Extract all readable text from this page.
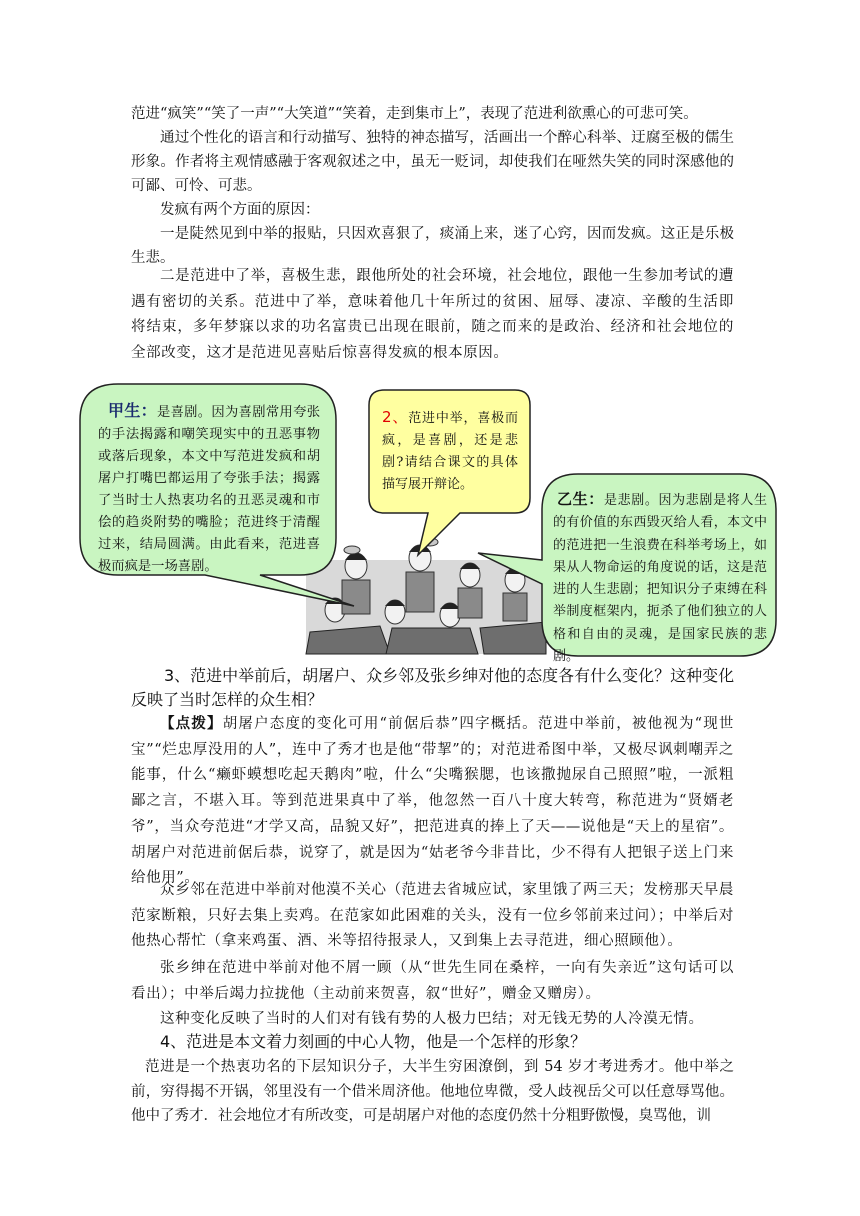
范进“疯笑”“笑了一声”“大笑道”“笑着，走到集市上”，表现了范进利欲熏心的可悲可笑。

通过个性化的语言和行动描写、独特的神态描写，活画出一个醉心科举、迂腐至极的儒生形象。作者将主观情感融于客观叙述之中，虽无一贬词，却使我们在哑然失笑的同时深感他的可鄙、可怜、可悲。

发疯有两个方面的原因：

一是陡然见到中举的报贴，只因欢喜狠了，痰涌上来，迷了心窍，因而发疯。这正是乐极生悲。

二是范进中了举，喜极生悲，跟他所处的社会环境，社会地位，跟他一生参加考试的遭遇有密切的关系。范进中了举，意味着他几十年所过的贫困、屈辱、凄凉、辛酸的生活即将结束，多年梦寐以求的功名富贵已出现在眼前，随之而来的是政治、经济和社会地位的全部改变，这才是范进见喜贴后惊喜得发疯的根本原因。

甲生：是喜剧。因为喜剧常用夸张的手法揭露和嘲笑现实中的丑恶事物或落后现象，本文中写范进发疯和胡屠户打嘴巴都运用了夸张手法；揭露了当时士人热衷功名的丑恶灵魂和市侩的趋炎附势的嘴脸；范进终于清醒过来，结局圆满。由此看来，范进喜极而疯是一场喜剧。

2、范进中举，喜极而疯，是喜剧，还是悲剧?请结合课文的具体描写展开辩论。

乙生：是悲剧。因为悲剧是将人生的有价值的东西毁灭给人看，本文中的范进把一生浪费在科举考场上，如果从人物命运的角度说的话，这是范进的人生悲剧；把知识分子束缚在科举制度框架内，扼杀了他们独立的人格和自由的灵魂，是国家民族的悲剧。

3、范进中举前后，胡屠户、众乡邻及张乡绅对他的态度各有什么变化？这种变化反映了当时怎样的众生相？

【点拨】胡屠户态度的变化可用“前倨后恭”四字概括。范进中举前，被他视为“现世宝”“烂忠厚没用的人”，连中了秀才也是他“带挈”的；对范进希图中举，又极尽讽刺嘲弄之能事，什么“癞虾蟆想吃起天鹅肉”啦，什么“尖嘴猴腮，也该撒抛尿自己照照”啦，一派粗鄙之言，不堪入耳。等到范进果真中了举，他忽然一百八十度大转弯，称范进为“贤婿老爷”，当众夸范进“才学又高，品貌又好”，把范进真的捧上了天——说他是“天上的星宿”。胡屠户对范进前倨后恭，说穿了，就是因为“姑老爷今非昔比，少不得有人把银子送上门来给他用”。

众乡邻在范进中举前对他漠不关心（范进去省城应试，家里饿了两三天；发榜那天早晨范家断粮，只好去集上卖鸡。在范家如此困难的关头，没有一位乡邻前来过问）；中举后对他热心帮忙（拿来鸡蛋、酒、米等招待报录人，又到集上去寻范进，细心照顾他）。

张乡绅在范进中举前对他不屑一顾（从“世先生同在桑梓，一向有失亲近”这句话可以看出）；中举后竭力拉拢他（主动前来贺喜，叙“世好”，赠金又赠房）。

这种变化反映了当时的人们对有钱有势的人极力巴结；对无钱无势的人冷漠无情。

4、范进是本文着力刻画的中心人物，他是一个怎样的形象？

范进是一个热衷功名的下层知识分子，大半生穷困潦倒，到 54 岁才考进秀才。他中举之前，穷得揭不开锅，邻里没有一个借米周济他。他地位卑微，受人歧视岳父可以任意辱骂他。他中了秀才．社会地位才有所改变，可是胡屠户对他的态度仍然十分粗野傲慢，臭骂他，训
